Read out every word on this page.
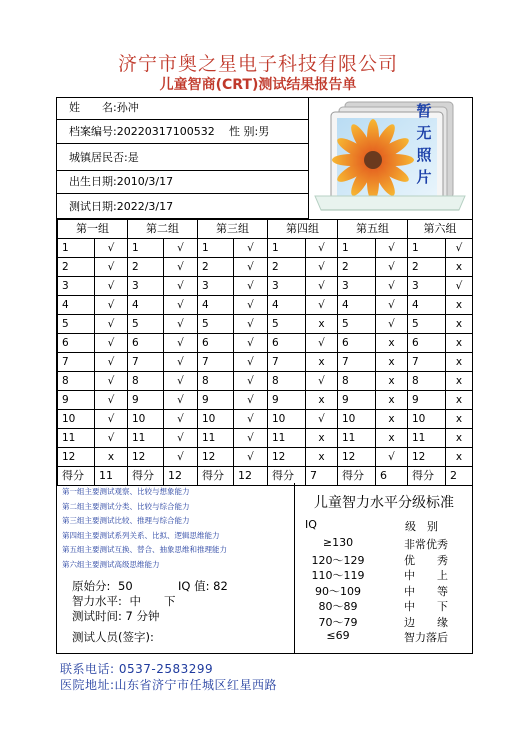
济宁市奥之星电子科技有限公司
儿童智商(CRT)测试结果报告单
姓　　名:孙冲
档案编号:20220317100532 性 别:男
城镇居民否:是
出生日期:2010/3/17
测试日期:2022/3/17
暂
无
照
片
第一组		第二组		第三组		第四组		第五组		第六组	
1	√	1	√	1	√	1	√	1	√	1	√
2	√	2	√	2	√	2	√	2	√	2	x
3	√	3	√	3	√	3	√	3	√	3	√
4	√	4	√	4	√	4	√	4	√	4	x
5	√	5	√	5	√	5	x	5	√	5	x
6	√	6	√	6	√	6	√	6	x	6	x
7	√	7	√	7	√	7	x	7	x	7	x
8	√	8	√	8	√	8	√	8	x	8	x
9	√	9	√	9	√	9	x	9	x	9	x
10	√	10	√	10	√	10	√	10	x	10	x
11	√	11	√	11	√	11	x	11	x	11	x
12	x	12	√	12	√	12	x	12	√	12	x
得分	11	得分	12	得分	12	得分	7	得分	6	得分	2
第一组主要测试观察、比较与想象能力
第二组主要测试分类、比较与综合能力
第三组主要测试比较、推理与综合能力
第四组主要测试系列关系、比拟、逻辑思维能力
第五组主要测试互换、替合、抽象思维和推理能力
第六组主要测试高级思维能力
原始分: 50	IQ 值: 82
智力水平: 中　　下
测试时间: 7 分钟
测试人员(签字):
儿童智力水平分级标准
IQ	级　别
≥130	非常优秀
120～129	优　　秀
110～119	中　　上
90～109	中　　等
80～89	中　　下
70～79	边　　缘
≤69	智力落后
联系电话: 0537-2583299
医院地址:山东省济宁市任城区红星西路
